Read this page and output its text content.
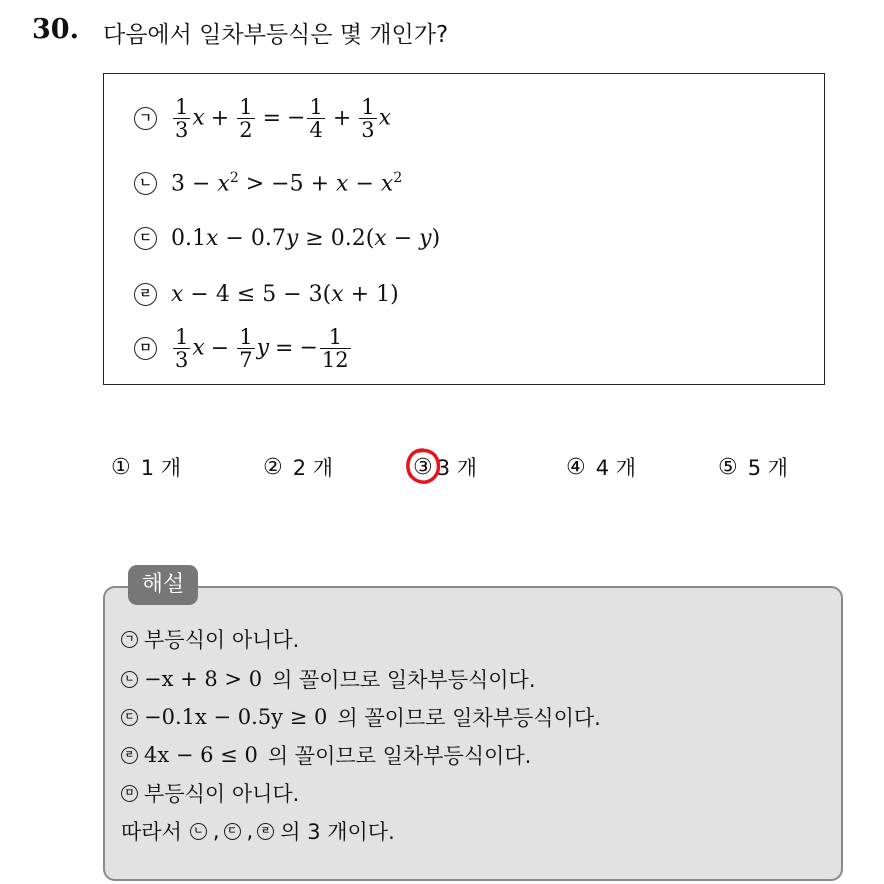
30. 다음에서 일차부등식은 몇 개인가?
ㄱ $\frac{1}{3}$ $x + \frac{1}{2}$ = − $\frac{1}{4} + \frac{1}{3}$ x
ㄴ $3 - x^2 > -5 + x - x^2$
ㄷ 0.1x − 0.7y ≥ 0.2(x − y)
ㄹ x − 4 ≤ 5 − 3(x + 1)
ㅁ $\frac{1}{3}$ $x - \frac{1}{7}$ y = − $\frac{1}{12}$
① 1 개	② 2 개	③ 3 개	④ 4 개	⑤ 5 개
해설
ㄱ 부등식이 아니다.
ㄴ −x + 8 > 0 의 꼴이므로 일차부등식이다.
ㄷ −0.1x − 0.5y ≥ 0 의 꼴이므로 일차부등식이다.
ㄹ 4x − 6 ≤ 0 의 꼴이므로 일차부등식이다.
ㅁ 부등식이 아니다.
따라서	ㄴ , ㄷ , ㄹ 의 3 개이다.
